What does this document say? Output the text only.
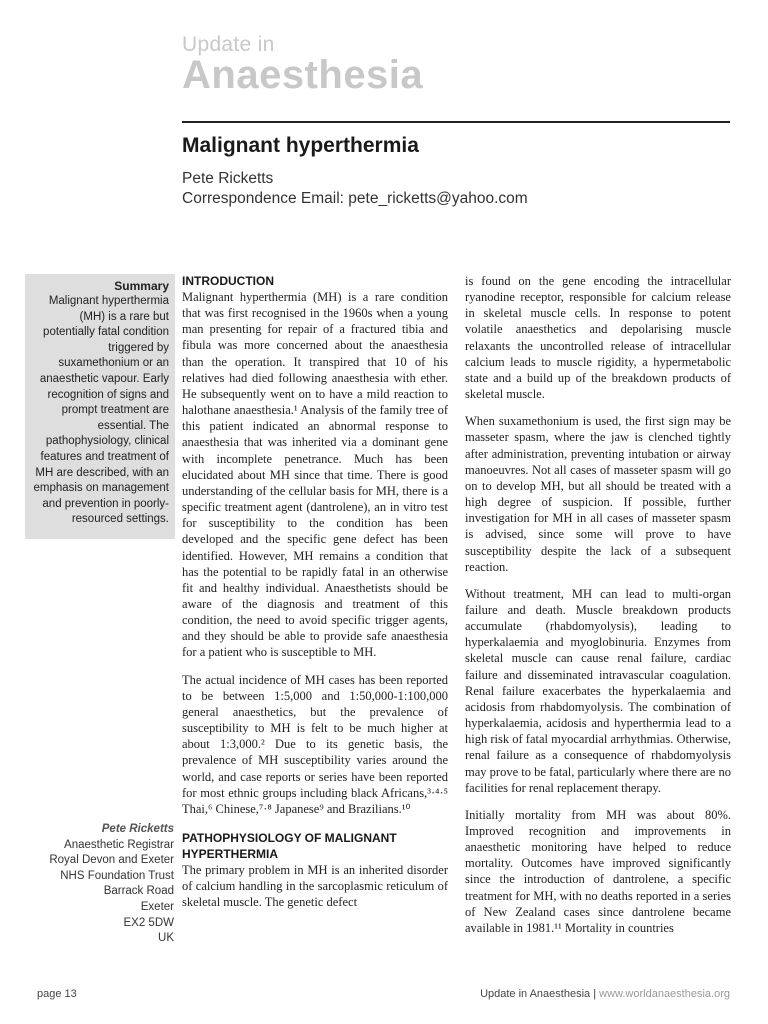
Update in
Anaesthesia
Malignant hyperthermia
Pete Ricketts
Correspondence Email: pete_ricketts@yahoo.com
Summary

Malignant hyperthermia (MH) is a rare but potentially fatal condition triggered by suxamethonium or an anaesthetic vapour. Early recognition of signs and prompt treatment are essential. The pathophysiology, clinical features and treatment of MH are described, with an emphasis on management and prevention in poorly-resourced settings.

Pete Ricketts
Anaesthetic Registrar
Royal Devon and Exeter
NHS Foundation Trust
Barrack Road
Exeter
EX2 5DW
UK
INTRODUCTION

Malignant hyperthermia (MH) is a rare condition that was first recognised in the 1960s when a young man presenting for repair of a fractured tibia and fibula was more concerned about the anaesthesia than the operation. It transpired that 10 of his relatives had died following anaesthesia with ether. He subsequently went on to have a mild reaction to halothane anaesthesia.¹ Analysis of the family tree of this patient indicated an abnormal response to anaesthesia that was inherited via a dominant gene with incomplete penetrance. Much has been elucidated about MH since that time. There is good understanding of the cellular basis for MH, there is a specific treatment agent (dantrolene), an in vitro test for susceptibility to the condition has been developed and the specific gene defect has been identified. However, MH remains a condition that has the potential to be rapidly fatal in an otherwise fit and healthy individual. Anaesthetists should be aware of the diagnosis and treatment of this condition, the need to avoid specific trigger agents, and they should be able to provide safe anaesthesia for a patient who is susceptible to MH.

The actual incidence of MH cases has been reported to be between 1:5,000 and 1:50,000-1:100,000 general anaesthetics, but the prevalence of susceptibility to MH is felt to be much higher at about 1:3,000.² Due to its genetic basis, the prevalence of MH susceptibility varies around the world, and case reports or series have been reported for most ethnic groups including black Africans,³·⁴·⁵ Thai,⁶ Chinese,⁷·⁸ Japanese⁹ and Brazilians.¹⁰

PATHOPHYSIOLOGY OF MALIGNANT HYPERTHERMIA

The primary problem in MH is an inherited disorder of calcium handling in the sarcoplasmic reticulum of skeletal muscle. The genetic defect

is found on the gene encoding the intracellular ryanodine receptor, responsible for calcium release in skeletal muscle cells. In response to potent volatile anaesthetics and depolarising muscle relaxants the uncontrolled release of intracellular calcium leads to muscle rigidity, a hypermetabolic state and a build up of the breakdown products of skeletal muscle.

When suxamethonium is used, the first sign may be masseter spasm, where the jaw is clenched tightly after administration, preventing intubation or airway manoeuvres. Not all cases of masseter spasm will go on to develop MH, but all should be treated with a high degree of suspicion. If possible, further investigation for MH in all cases of masseter spasm is advised, since some will prove to have susceptibility despite the lack of a subsequent reaction.

Without treatment, MH can lead to multi-organ failure and death. Muscle breakdown products accumulate (rhabdomyolysis), leading to hyperkalaemia and myoglobinuria. Enzymes from skeletal muscle can cause renal failure, cardiac failure and disseminated intravascular coagulation. Renal failure exacerbates the hyperkalaemia and acidosis from rhabdomyolysis. The combination of hyperkalaemia, acidosis and hyperthermia lead to a high risk of fatal myocardial arrhythmias. Otherwise, renal failure as a consequence of rhabdomyolysis may prove to be fatal, particularly where there are no facilities for renal replacement therapy.

Initially mortality from MH was about 80%. Improved recognition and improvements in anaesthetic monitoring have helped to reduce mortality. Outcomes have improved significantly since the introduction of dantrolene, a specific treatment for MH, with no deaths reported in a series of New Zealand cases since dantrolene became available in 1981.¹¹ Mortality in countries

page 13	Update in Anaesthesia | www.worldanaesthesia.org
